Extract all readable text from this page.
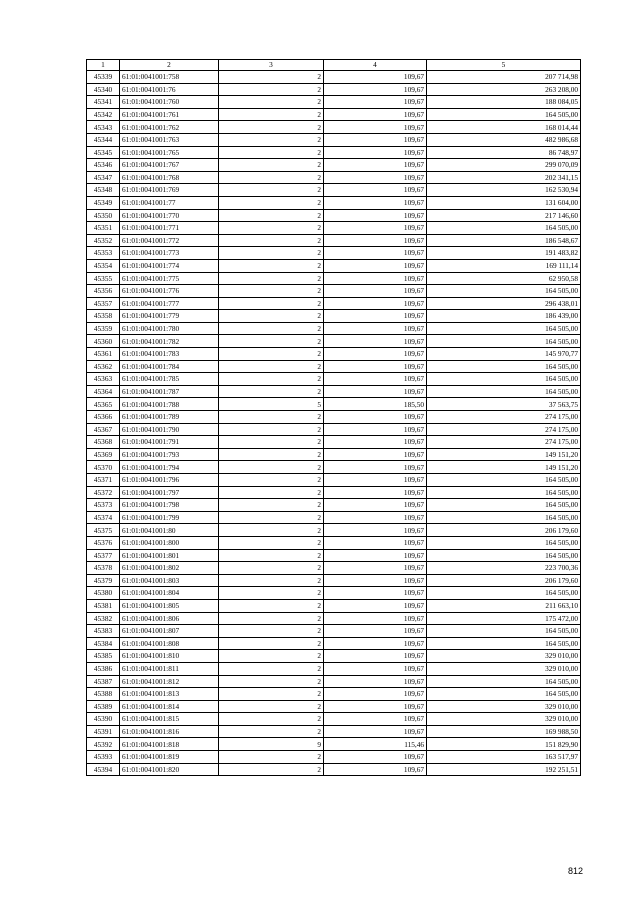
1	2	3	4	5
45339	61:01:0041001:758	2	109,67	207 714,98
45340	61:01:0041001:76	2	109,67	263 208,00
45341	61:01:0041001:760	2	109,67	188 084,05
45342	61:01:0041001:761	2	109,67	164 505,00
45343	61:01:0041001:762	2	109,67	168 014,44
45344	61:01:0041001:763	2	109,67	482 986,68
45345	61:01:0041001:765	2	109,67	86 748,97
45346	61:01:0041001:767	2	109,67	299 070,09
45347	61:01:0041001:768	2	109,67	202 341,15
45348	61:01:0041001:769	2	109,67	162 530,94
45349	61:01:0041001:77	2	109,67	131 604,00
45350	61:01:0041001:770	2	109,67	217 146,60
45351	61:01:0041001:771	2	109,67	164 505,00
45352	61:01:0041001:772	2	109,67	186 548,67
45353	61:01:0041001:773	2	109,67	191 483,82
45354	61:01:0041001:774	2	109,67	169 111,14
45355	61:01:0041001:775	2	109,67	62 950,58
45356	61:01:0041001:776	2	109,67	164 505,00
45357	61:01:0041001:777	2	109,67	296 438,01
45358	61:01:0041001:779	2	109,67	186 439,00
45359	61:01:0041001:780	2	109,67	164 505,00
45360	61:01:0041001:782	2	109,67	164 505,00
45361	61:01:0041001:783	2	109,67	145 970,77
45362	61:01:0041001:784	2	109,67	164 505,00
45363	61:01:0041001:785	2	109,67	164 505,00
45364	61:01:0041001:787	2	109,67	164 505,00
45365	61:01:0041001:788	5	185,50	37 563,75
45366	61:01:0041001:789	2	109,67	274 175,00
45367	61:01:0041001:790	2	109,67	274 175,00
45368	61:01:0041001:791	2	109,67	274 175,00
45369	61:01:0041001:793	2	109,67	149 151,20
45370	61:01:0041001:794	2	109,67	149 151,20
45371	61:01:0041001:796	2	109,67	164 505,00
45372	61:01:0041001:797	2	109,67	164 505,00
45373	61:01:0041001:798	2	109,67	164 505,00
45374	61:01:0041001:799	2	109,67	164 505,00
45375	61:01:0041001:80	2	109,67	206 179,60
45376	61:01:0041001:800	2	109,67	164 505,00
45377	61:01:0041001:801	2	109,67	164 505,00
45378	61:01:0041001:802	2	109,67	223 700,36
45379	61:01:0041001:803	2	109,67	206 179,60
45380	61:01:0041001:804	2	109,67	164 505,00
45381	61:01:0041001:805	2	109,67	211 663,10
45382	61:01:0041001:806	2	109,67	175 472,00
45383	61:01:0041001:807	2	109,67	164 505,00
45384	61:01:0041001:808	2	109,67	164 505,00
45385	61:01:0041001:810	2	109,67	329 010,00
45386	61:01:0041001:811	2	109,67	329 010,00
45387	61:01:0041001:812	2	109,67	164 505,00
45388	61:01:0041001:813	2	109,67	164 505,00
45389	61:01:0041001:814	2	109,67	329 010,00
45390	61:01:0041001:815	2	109,67	329 010,00
45391	61:01:0041001:816	2	109,67	169 988,50
45392	61:01:0041001:818	9	115,46	151 829,90
45393	61:01:0041001:819	2	109,67	163 517,97
45394	61:01:0041001:820	2	109,67	192 251,51
812
